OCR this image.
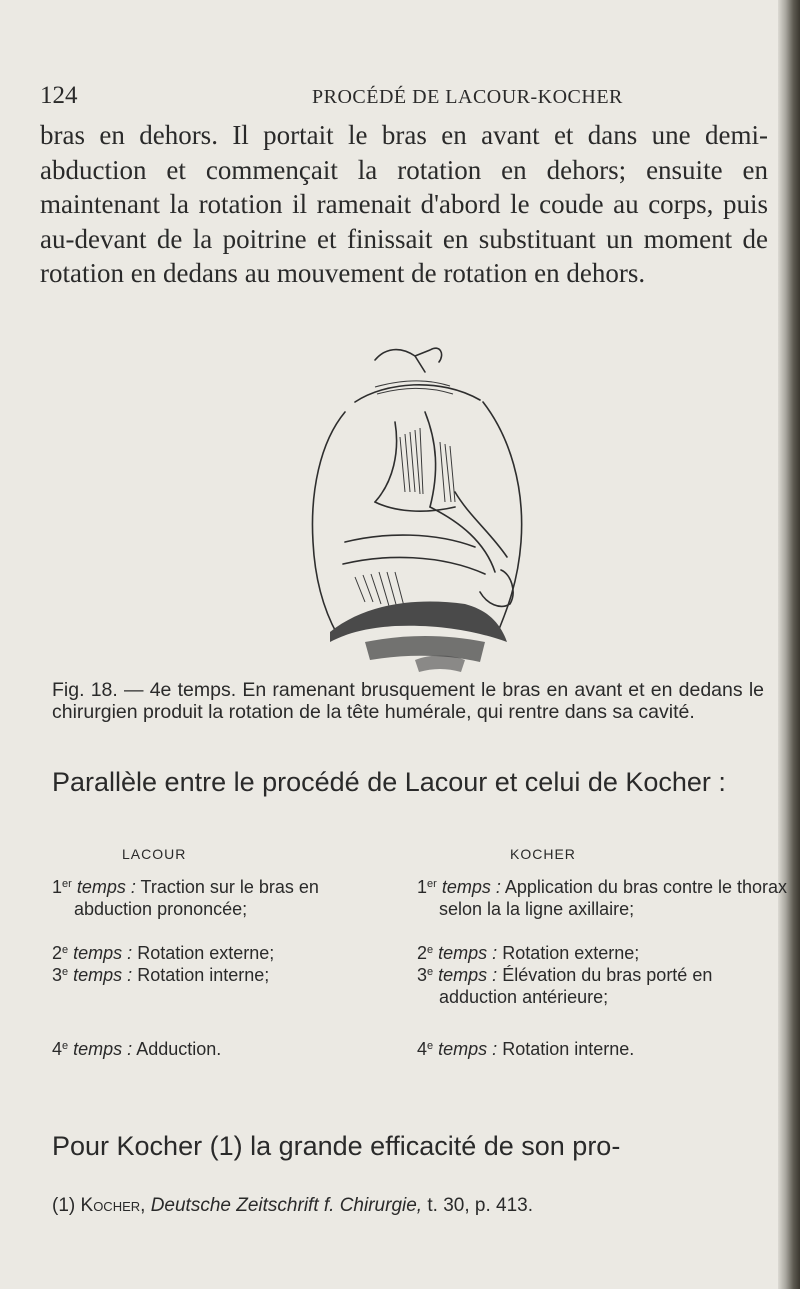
124	PROCÉDÉ DE LACOUR-KOCHER

bras en dehors. Il portait le bras en avant et dans une demi-abduction et commençait la rotation en dehors; ensuite en maintenant la rotation il ramenait d'abord le coude au corps, puis au-devant de la poitrine et finissait en substituant un moment de rotation en dedans au mouvement de rotation en dehors.

Fig. 18. — 4e temps. En ramenant brusquement le bras en avant et en dedans le chirurgien produit la rotation de la tête humérale, qui rentre dans sa cavité.

Parallèle entre le procédé de Lacour et celui de Kocher :

LACOUR	KOCHER
1er temps : Traction sur le bras en abduction prononcée;
2e temps : Rotation externe;
3e temps : Rotation interne;
4e temps : Adduction.
1er temps : Application du bras contre le thorax selon la la ligne axillaire;
2e temps : Rotation externe;
3e temps : Élévation du bras porté en adduction antérieure;
4e temps : Rotation interne.

Pour Kocher (1) la grande efficacité de son pro-

(1) Kocher, Deutsche Zeitschrift f. Chirurgie, t. 30, p. 413.
